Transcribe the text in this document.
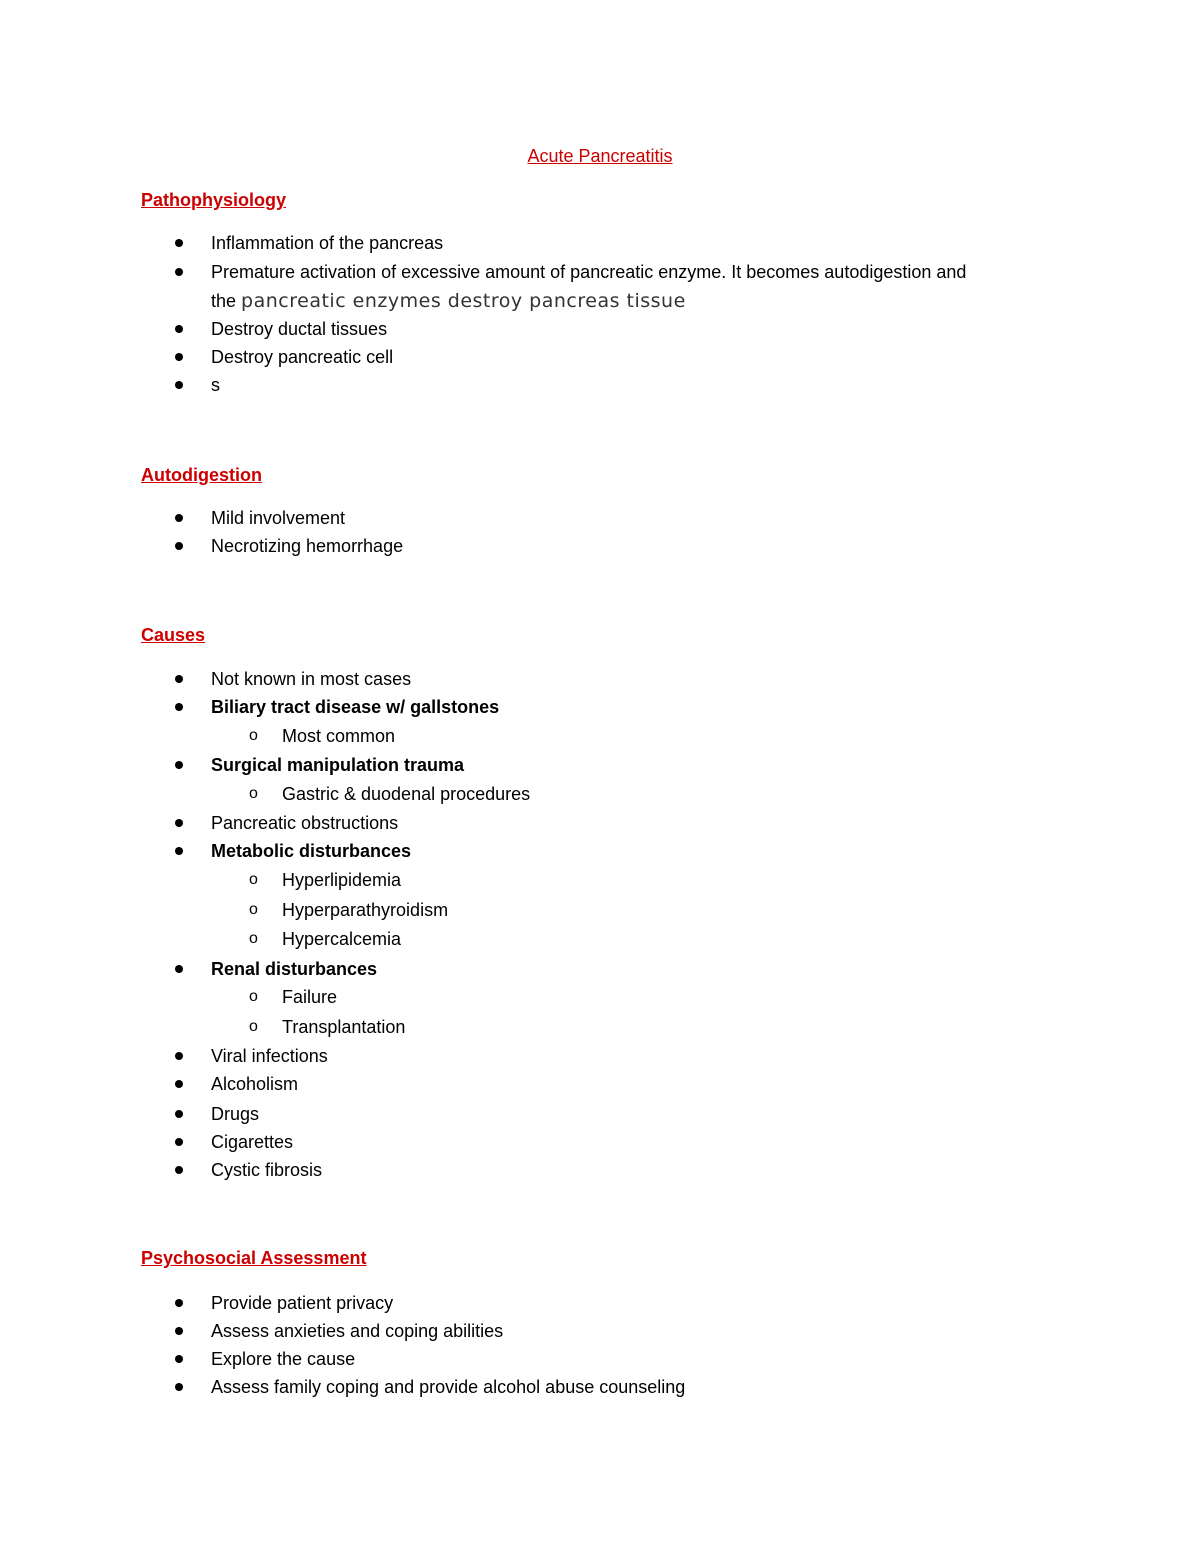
Acute Pancreatitis
Pathophysiology
Inflammation of the pancreas
Premature activation of excessive amount of pancreatic enzyme. It becomes autodigestion and
the pancreatic enzymes destroy pancreas tissue
Destroy ductal tissues
Destroy pancreatic cell
s
Autodigestion
Mild involvement
Necrotizing hemorrhage
Causes
Not known in most cases
Biliary tract disease w/ gallstones
o Most common
Surgical manipulation trauma
o Gastric & duodenal procedures
Pancreatic obstructions
Metabolic disturbances
o Hyperlipidemia
o Hyperparathyroidism
o Hypercalcemia
Renal disturbances
o Failure
o Transplantation
Viral infections
Alcoholism
Drugs
Cigarettes
Cystic fibrosis
Psychosocial Assessment
Provide patient privacy
Assess anxieties and coping abilities
Explore the cause
Assess family coping and provide alcohol abuse counseling
